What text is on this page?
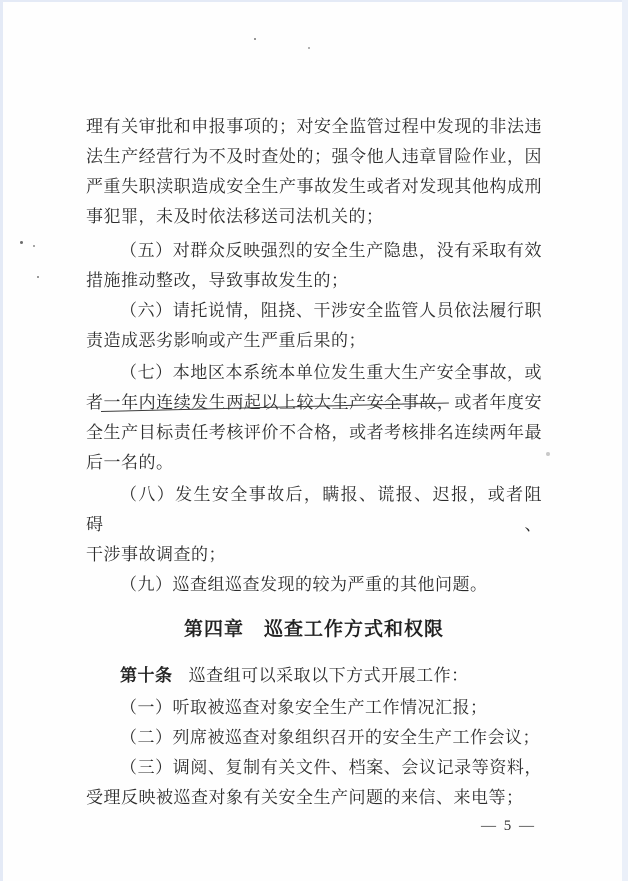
理有关审批和申报事项的；对安全监管过程中发现的非法违
法生产经营行为不及时查处的；强令他人违章冒险作业，因
严重失职渎职造成安全生产事故发生或者对发现其他构成刑
事犯罪，未及时依法移送司法机关的；
（五）对群众反映强烈的安全生产隐患，没有采取有效
措施推动整改，导致事故发生的；
（六）请托说情，阻挠、干涉安全监管人员依法履行职
责造成恶劣影响或产生严重后果的；
（七）本地区本系统本单位发生重大生产安全事故，或
者一年内连续发生两起以上较大生产安全事故，或者年度安
全生产目标责任考核评价不合格，或者考核排名连续两年最
后一名的。
（八）发生安全事故后，瞒报、谎报、迟报，或者阻碍、
干涉事故调查的；
（九）巡查组巡查发现的较为严重的其他问题。
第四章　巡查工作方式和权限
第十条 巡查组可以采取以下方式开展工作：
（一）听取被巡查对象安全生产工作情况汇报；
（二）列席被巡查对象组织召开的安全生产工作会议；
（三）调阅、复制有关文件、档案、会议记录等资料，
受理反映被巡查对象有关安全生产问题的来信、来电等；
— 5 —
